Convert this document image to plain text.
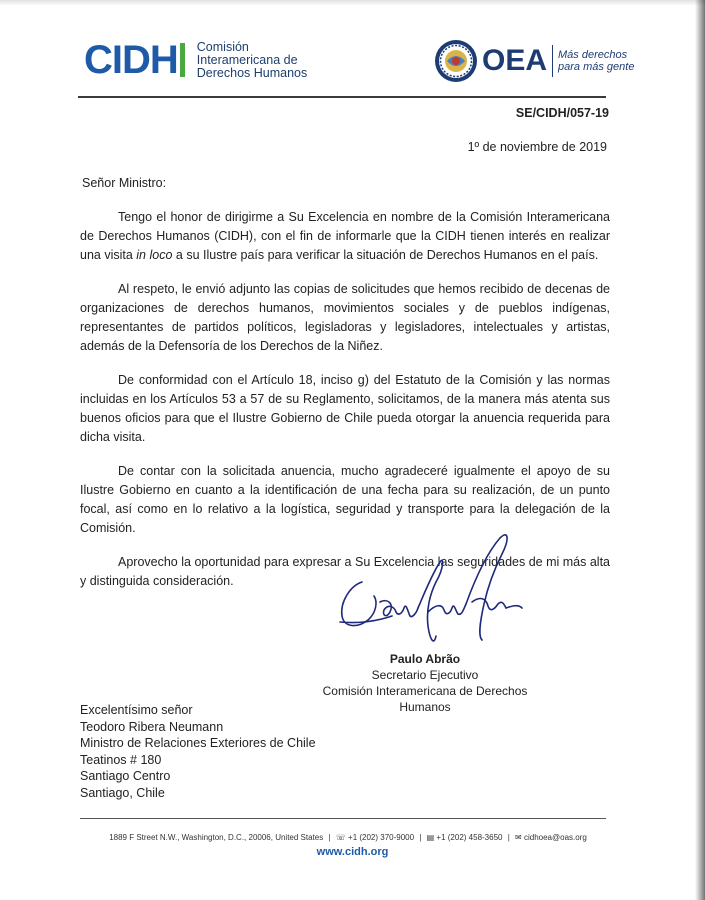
CIDH Comisión
Interamericana de
Derechos Humanos	OEA Más derechos
para más gente
SE/CIDH/057-19
1º de noviembre de 2019
Señor Ministro:

Tengo el honor de dirigirme a Su Excelencia en nombre de la Comisión Interamericana de Derechos Humanos (CIDH), con el fin de informarle que la CIDH tienen interés en realizar una visita in loco a su Ilustre país para verificar la situación de Derechos Humanos en el país.

Al respeto, le envió adjunto las copias de solicitudes que hemos recibido de decenas de organizaciones de derechos humanos, movimientos sociales y de pueblos indígenas, representantes de partidos políticos, legisladoras y legisladores, intelectuales y artistas, además de la Defensoría de los Derechos de la Niñez.

De conformidad con el Artículo 18, inciso g) del Estatuto de la Comisión y las normas incluidas en los Artículos 53 a 57 de su Reglamento, solicitamos, de la manera más atenta sus buenos oficios para que el Ilustre Gobierno de Chile pueda otorgar la anuencia requerida para dicha visita.

De contar con la solicitada anuencia, mucho agradeceré igualmente el apoyo de su Ilustre Gobierno en cuanto a la identificación de una fecha para su realización, de un punto focal, así como en lo relativo a la logística, seguridad y transporte para la delegación de la Comisión.

Aprovecho la oportunidad para expresar a Su Excelencia las seguridades de mi más alta y distinguida consideración.

Paulo Abrão
Secretario Ejecutivo
Comisión Interamericana de Derechos Humanos
Excelentísimo señor
Teodoro Ribera Neumann
Ministro de Relaciones Exteriores de Chile
Teatinos # 180
Santiago Centro
Santiago, Chile
1889 F Street N.W., Washington, D.C., 20006, United States | ☏ +1 (202) 370-9000 | ▤ +1 (202) 458-3650 | ✉ cidhoea@oas.org
www.cidh.org
